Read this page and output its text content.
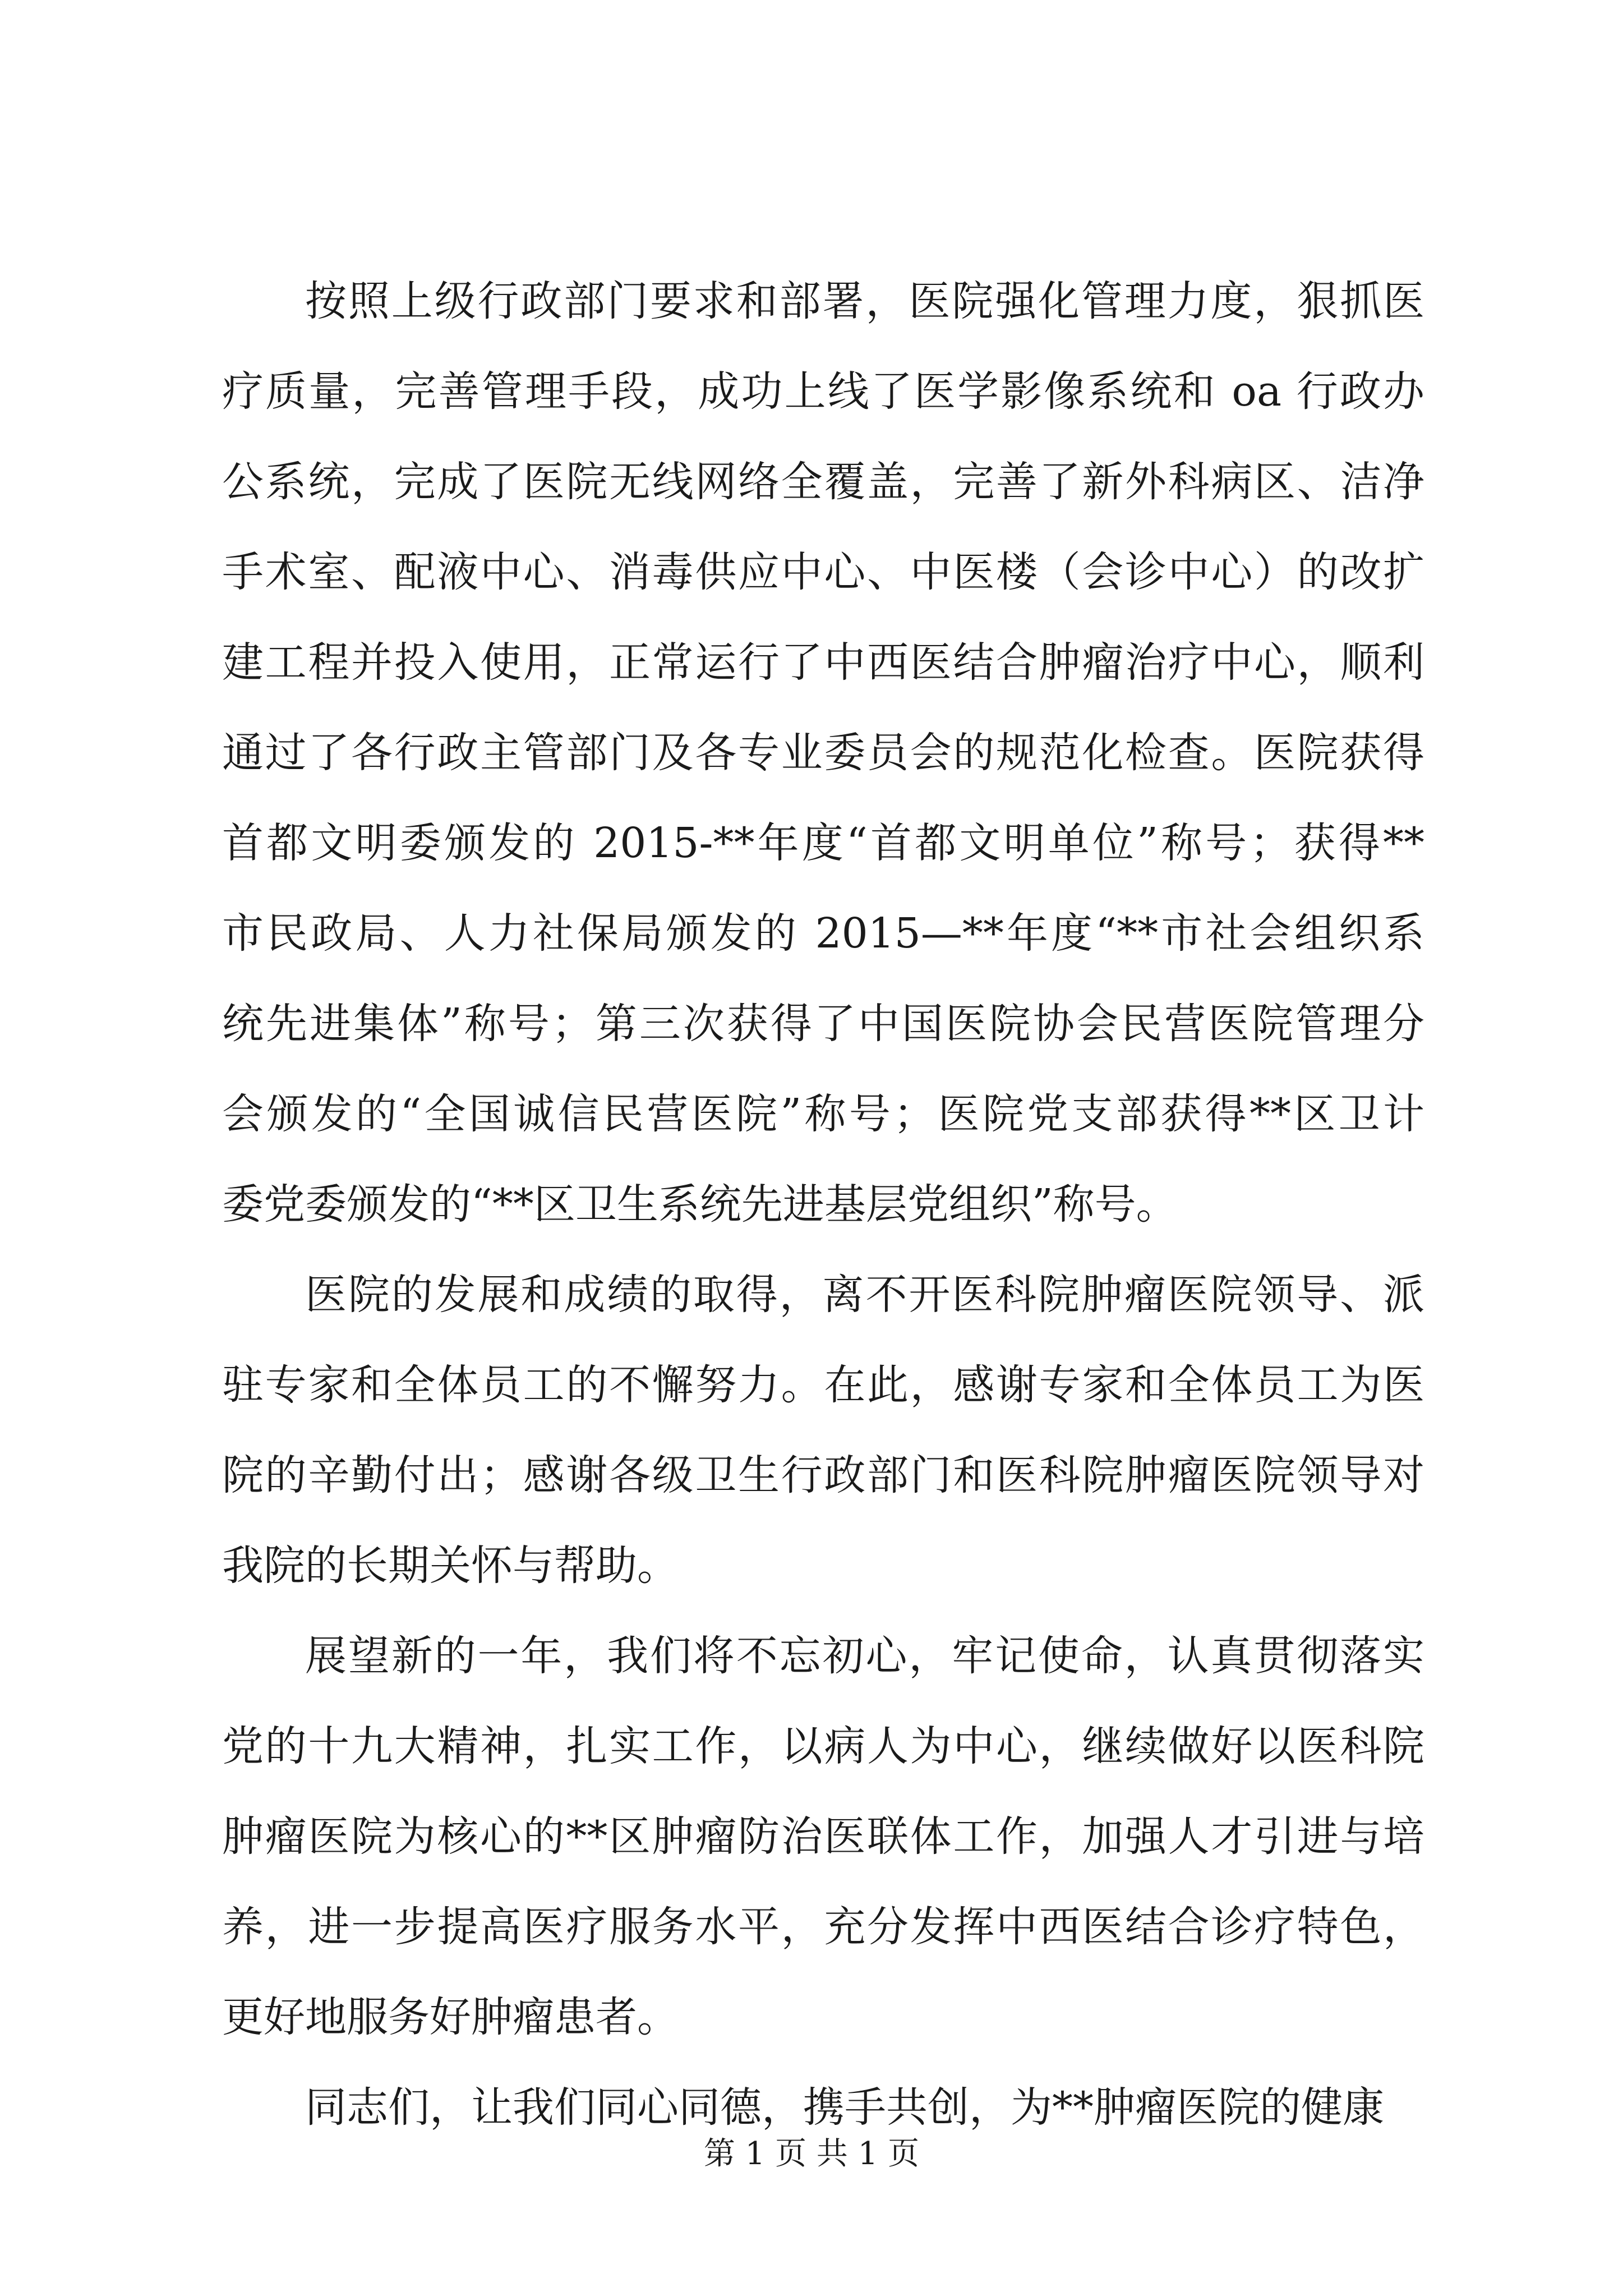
按照上级行政部门要求和部署，医院强化管理力度，狠抓医
疗质量，完善管理手段，成功上线了医学影像系统和 oa 行政办
公系统，完成了医院无线网络全覆盖，完善了新外科病区、洁净
手术室、配液中心、消毒供应中心、中医楼（会诊中心）的改扩
建工程并投入使用，正常运行了中西医结合肿瘤治疗中心，顺利
通过了各行政主管部门及各专业委员会的规范化检查。医院获得
首都文明委颁发的 2015-**年度“首都文明单位”称号；获得**
市民政局、人力社保局颁发的 2015—**年度“**市社会组织系
统先进集体”称号；第三次获得了中国医院协会民营医院管理分
会颁发的“全国诚信民营医院”称号；医院党支部获得**区卫计
委党委颁发的“**区卫生系统先进基层党组织”称号。
医院的发展和成绩的取得，离不开医科院肿瘤医院领导、派
驻专家和全体员工的不懈努力。在此，感谢专家和全体员工为医
院的辛勤付出；感谢各级卫生行政部门和医科院肿瘤医院领导对
我院的长期关怀与帮助。
展望新的一年，我们将不忘初心，牢记使命，认真贯彻落实
党的十九大精神，扎实工作，以病人为中心，继续做好以医科院
肿瘤医院为核心的**区肿瘤防治医联体工作，加强人才引进与培
养，进一步提高医疗服务水平，充分发挥中西医结合诊疗特色，
更好地服务好肿瘤患者。
同志们，让我们同心同德，携手共创，为**肿瘤医院的健康
第 1 页 共 1 页
